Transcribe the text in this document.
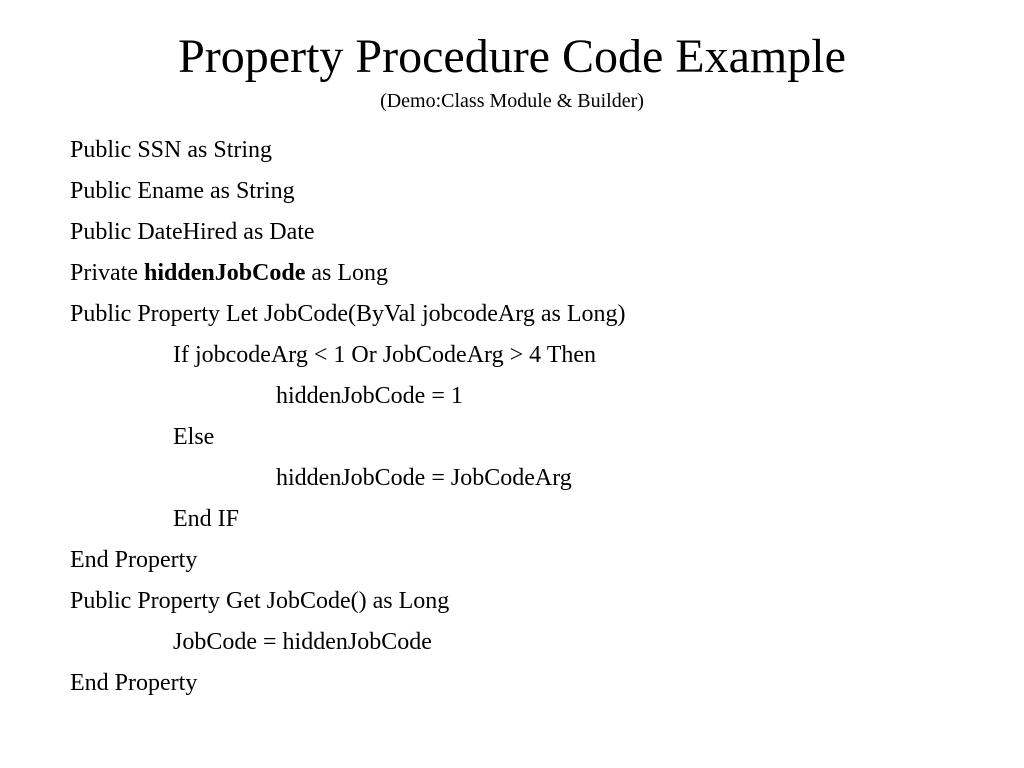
Property Procedure Code Example
(Demo:Class Module & Builder)
Public SSN as String
Public Ename as String
Public DateHired as Date
Private hiddenJobCode as Long
Public Property Let JobCode(ByVal jobcodeArg as Long)
If jobcodeArg < 1 Or JobCodeArg > 4 Then
hiddenJobCode = 1
Else
hiddenJobCode = JobCodeArg
End IF
End Property
Public Property Get JobCode() as Long
JobCode = hiddenJobCode
End Property
